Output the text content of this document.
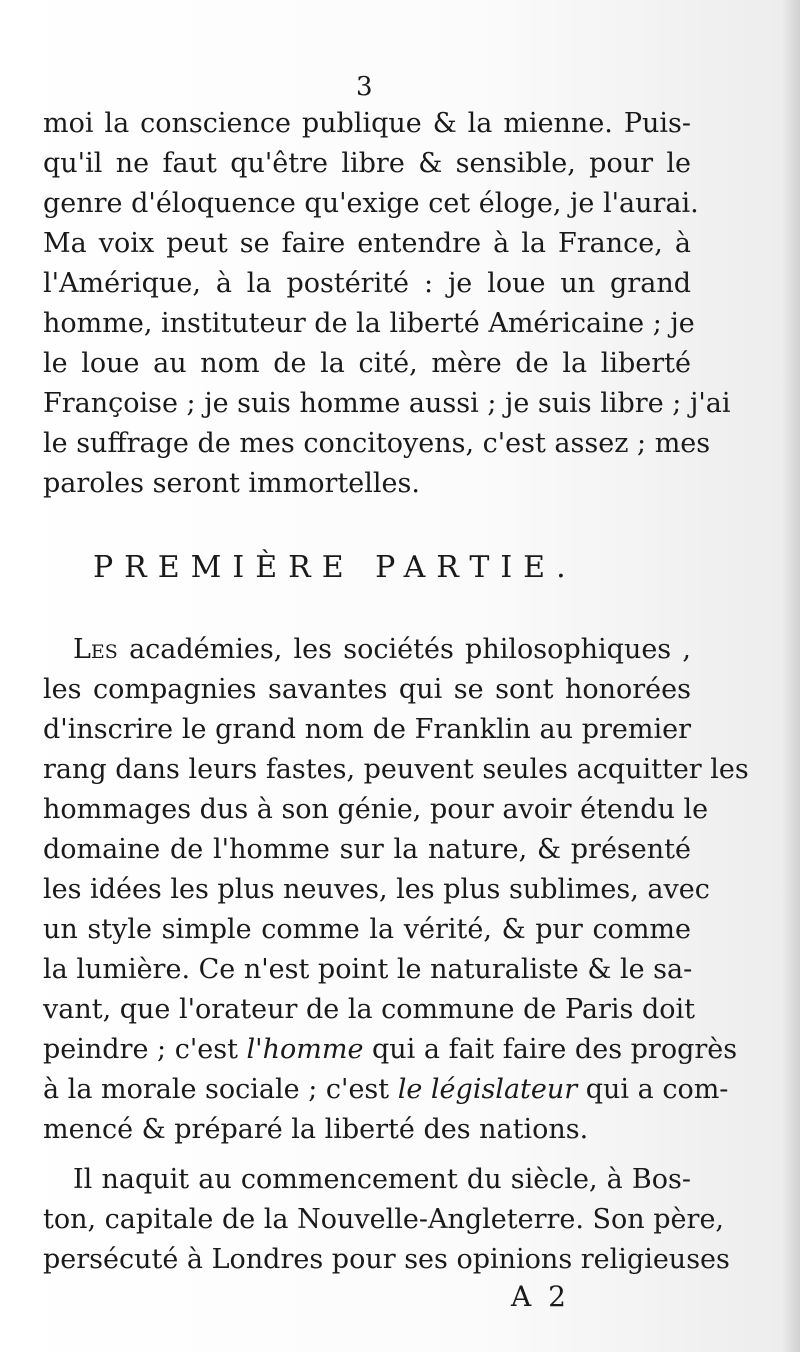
3
moi la conscience publique & la mienne. Puis-
qu'il ne faut qu'être libre & sensible, pour le
genre d'éloquence qu'exige cet éloge, je l'aurai.
Ma voix peut se faire entendre à la France, à
l'Amérique, à la postérité : je loue un grand
homme, instituteur de la liberté Américaine ; je
le loue au nom de la cité, mère de la liberté
Françoise ; je suis homme aussi ; je suis libre ; j'ai
le suffrage de mes concitoyens, c'est assez ; mes
paroles seront immortelles.
PREMIÈRE PARTIE.
Les académies, les sociétés philosophiques ,
les compagnies savantes qui se sont honorées
d'inscrire le grand nom de Franklin au premier
rang dans leurs fastes, peuvent seules acquitter les
hommages dus à son génie, pour avoir étendu le
domaine de l'homme sur la nature, & présenté
les idées les plus neuves, les plus sublimes, avec
un style simple comme la vérité, & pur comme
la lumière. Ce n'est point le naturaliste & le sa-
vant, que l'orateur de la commune de Paris doit
peindre ; c'est l'homme qui a fait faire des progrès
à la morale sociale ; c'est le législateur qui a com-
mencé & préparé la liberté des nations.
Il naquit au commencement du siècle, à Bos-
ton, capitale de la Nouvelle-Angleterre. Son père,
persécuté à Londres pour ses opinions religieuses
A 2
